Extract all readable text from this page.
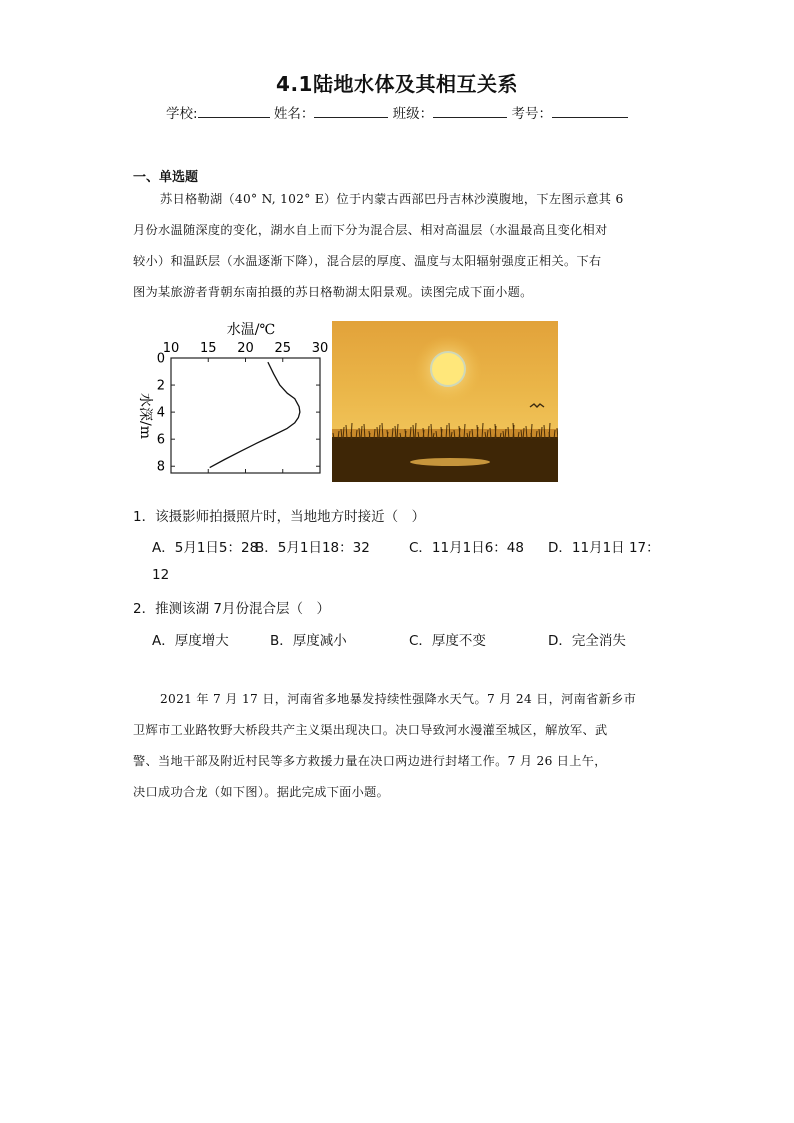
4.1陆地水体及其相互关系
学校:	姓名：	班级：	考号：
一、单选题
苏日格勒湖（40° N, 102° E）位于内蒙古西部巴丹吉林沙漠腹地，下左图示意其 6
月份水温随深度的变化，湖水自上而下分为混合层、相对高温层（水温最高且变化相对
较小）和温跃层（水温逐渐下降），混合层的厚度、温度与太阳辐射强度正相关。下右
图为某旅游者背朝东南拍摄的苏日格勒湖太阳景观。读图完成下面小题。
水温/℃
10 15 20 25 30
0
2
4
6
8
水深/m
1．该摄影师拍摄照片时，当地地方时接近（　）
A．5月1日5：28
B．5月1日18：32	C．11月1日6：48 D．11月1日 17：
12
2．推测该湖 7月份混合层（　）
A．厚度增大	B．厚度减小	C．厚度不变	D．完全消失
2021 年 7 月 17 日，河南省多地暴发持续性强降水天气。7 月 24 日，河南省新乡市
卫辉市工业路牧野大桥段共产主义渠出现决口。决口导致河水漫灌至城区，解放军、武
警、当地干部及附近村民等多方救援力量在决口两边进行封堵工作。7 月 26 日上午，
决口成功合龙（如下图）。据此完成下面小题。
